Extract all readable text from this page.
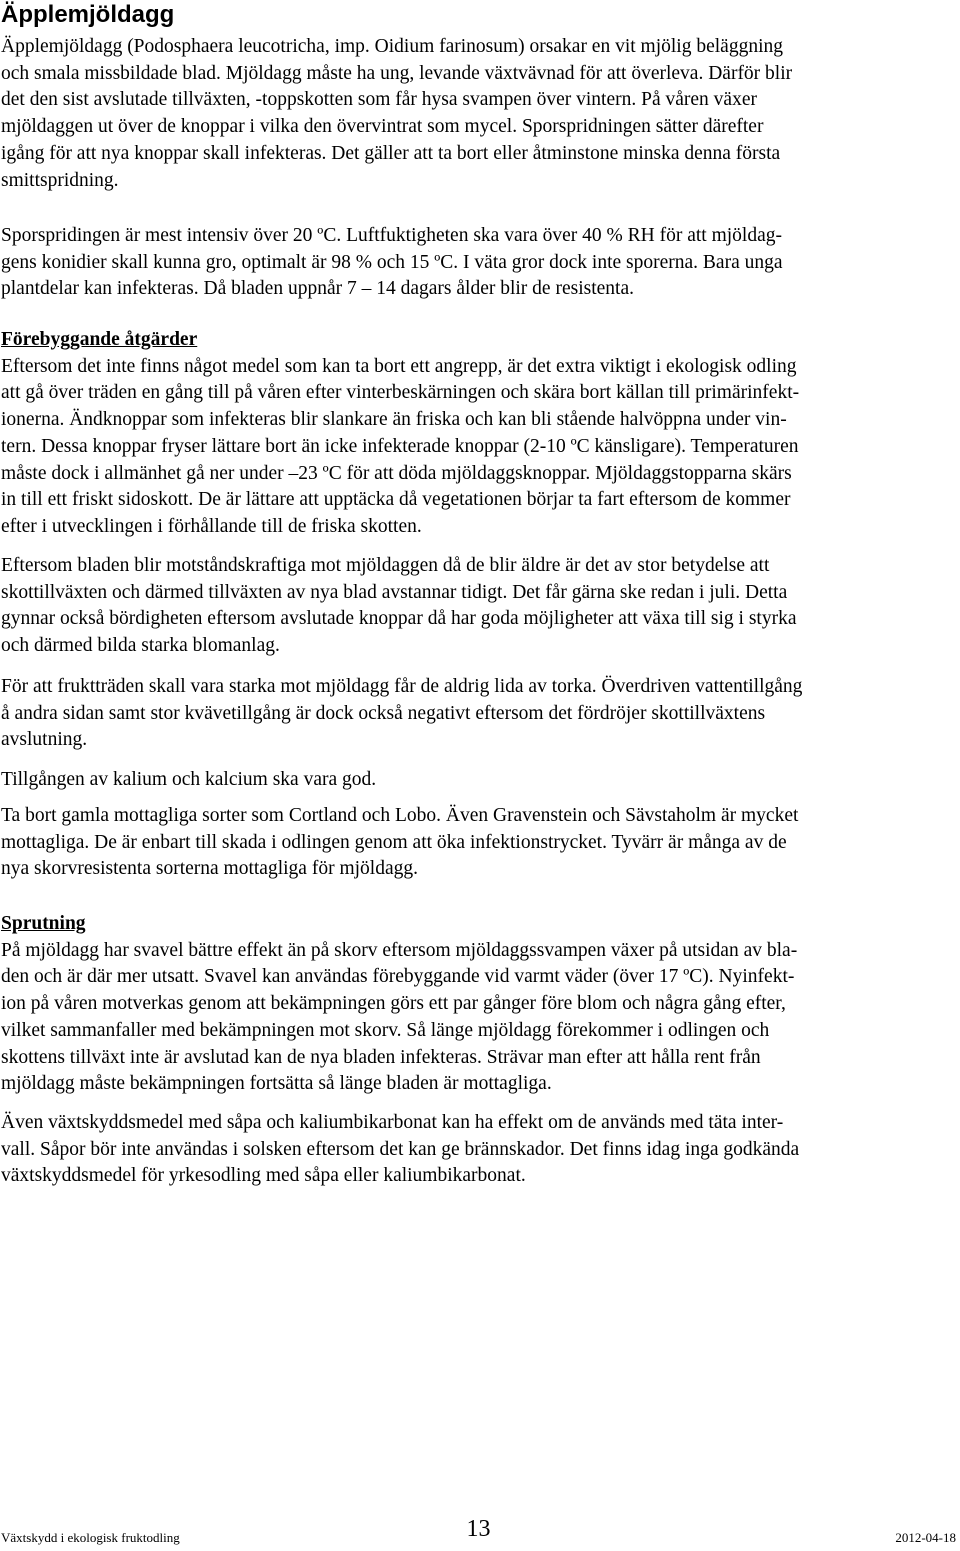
Äpplemjöldagg
Äpplemjöldagg (Podosphaera leucotricha, imp. Oidium farinosum) orsakar en vit mjölig beläggning
och smala missbildade blad. Mjöldagg måste ha ung, levande växtvävnad för att överleva. Därför blir
det den sist avslutade tillväxten, -toppskotten som får hysa svampen över vintern. På våren växer
mjöldaggen ut över de knoppar i vilka den övervintrat som mycel. Sporspridningen sätter därefter
igång för att nya knoppar skall infekteras. Det gäller att ta bort eller åtminstone minska denna första
smittspridning.
Sporspridingen är mest intensiv över 20 ºC. Luftfuktigheten ska vara över 40 % RH för att mjöldag-
gens konidier skall kunna gro, optimalt är 98 % och 15 ºC. I väta gror dock inte sporerna. Bara unga
plantdelar kan infekteras. Då bladen uppnår 7 – 14 dagars ålder blir de resistenta.
Förebyggande åtgärder
Eftersom det inte finns något medel som kan ta bort ett angrepp, är det extra viktigt i ekologisk odling
att gå över träden en gång till på våren efter vinterbeskärningen och skära bort källan till primärinfekt-
ionerna. Ändknoppar som infekteras blir slankare än friska och kan bli stående halvöppna under vin-
tern. Dessa knoppar fryser lättare bort än icke infekterade knoppar (2-10 ºC känsligare). Temperaturen
måste dock i allmänhet gå ner under –23 ºC för att döda mjöldaggsknoppar. Mjöldaggstopparna skärs
in till ett friskt sidoskott. De är lättare att upptäcka då vegetationen börjar ta fart eftersom de kommer
efter i utvecklingen i förhållande till de friska skotten.
Eftersom bladen blir motståndskraftiga mot mjöldaggen då de blir äldre är det av stor betydelse att
skottillväxten och därmed tillväxten av nya blad avstannar tidigt. Det får gärna ske redan i juli. Detta
gynnar också bördigheten eftersom avslutade knoppar då har goda möjligheter att växa till sig i styrka
och därmed bilda starka blomanlag.
För att fruktträden skall vara starka mot mjöldagg får de aldrig lida av torka. Överdriven vattentillgång
å andra sidan samt stor kvävetillgång är dock också negativt eftersom det fördröjer skottillväxtens
avslutning.
Tillgången av kalium och kalcium ska vara god.
Ta bort gamla mottagliga sorter som Cortland och Lobo. Även Gravenstein och Sävstaholm är mycket
mottagliga. De är enbart till skada i odlingen genom att öka infektionstrycket. Tyvärr är många av de
nya skorvresistenta sorterna mottagliga för mjöldagg.
Sprutning
På mjöldagg har svavel bättre effekt än på skorv eftersom mjöldaggssvampen växer på utsidan av bla-
den och är där mer utsatt. Svavel kan användas förebyggande vid varmt väder (över 17 ºC). Nyinfekt-
ion på våren motverkas genom att bekämpningen görs ett par gånger före blom och några gång efter,
vilket sammanfaller med bekämpningen mot skorv. Så länge mjöldagg förekommer i odlingen och
skottens tillväxt inte är avslutad kan de nya bladen infekteras. Strävar man efter att hålla rent från
mjöldagg måste bekämpningen fortsätta så länge bladen är mottagliga.
Även växtskyddsmedel med såpa och kaliumbikarbonat kan ha effekt om de används med täta inter-
vall. Såpor bör inte användas i solsken eftersom det kan ge brännskador. Det finns idag inga godkända
växtskyddsmedel för yrkesodling med såpa eller kaliumbikarbonat.
Växtskydd i ekologisk fruktodling	13	2012-04-18
